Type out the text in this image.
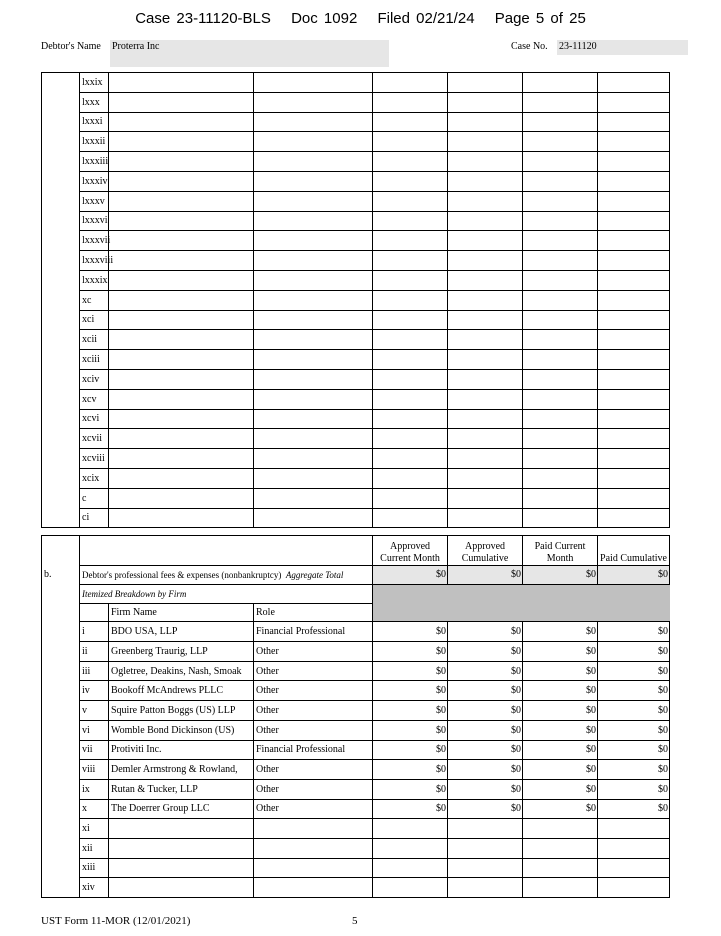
Case 23-11120-BLS Doc 1092 Filed 02/21/24 Page 5 of 25
Debtor's Name Proterra Inc	Case No. 23-11120
	lxxix						
	lxxx						
	lxxxi						
	lxxxii						
	lxxxiii						
	lxxxiv						
	lxxxv						
	lxxxvi						
	lxxxvii						
	lxxxviii						
	lxxxix						
	xc						
	xci						
	xcii						
	xciii						
	xciv						
	xcv						
	xcvi						
	xcvii						
	xcviii						
	xcix						
	c						
	ci						
				Approved Current Month	Approved Cumulative	Paid Current Month	Paid Cumulative
b.	Debtor's professional fees & expenses (nonbankruptcy) Aggregate Total			$0	$0	$0	$0
	Itemized Breakdown by Firm						
		Firm Name	Role				
	i	BDO USA, LLP	Financial Professional	$0	$0	$0	$0
	ii	Greenberg Traurig, LLP	Other	$0	$0	$0	$0
	iii	Ogletree, Deakins, Nash, Smoak	Other	$0	$0	$0	$0
	iv	Bookoff McAndrews PLLC	Other	$0	$0	$0	$0
	v	Squire Patton Boggs (US) LLP	Other	$0	$0	$0	$0
	vi	Womble Bond Dickinson (US)	Other	$0	$0	$0	$0
	vii	Protiviti Inc.	Financial Professional	$0	$0	$0	$0
	viii	Demler Armstrong & Rowland,	Other	$0	$0	$0	$0
	ix	Rutan & Tucker, LLP	Other	$0	$0	$0	$0
	x	The Doerrer Group LLC	Other	$0	$0	$0	$0
	xi						
	xii						
	xiii						
	xiv						
UST Form 11-MOR (12/01/2021)	5
